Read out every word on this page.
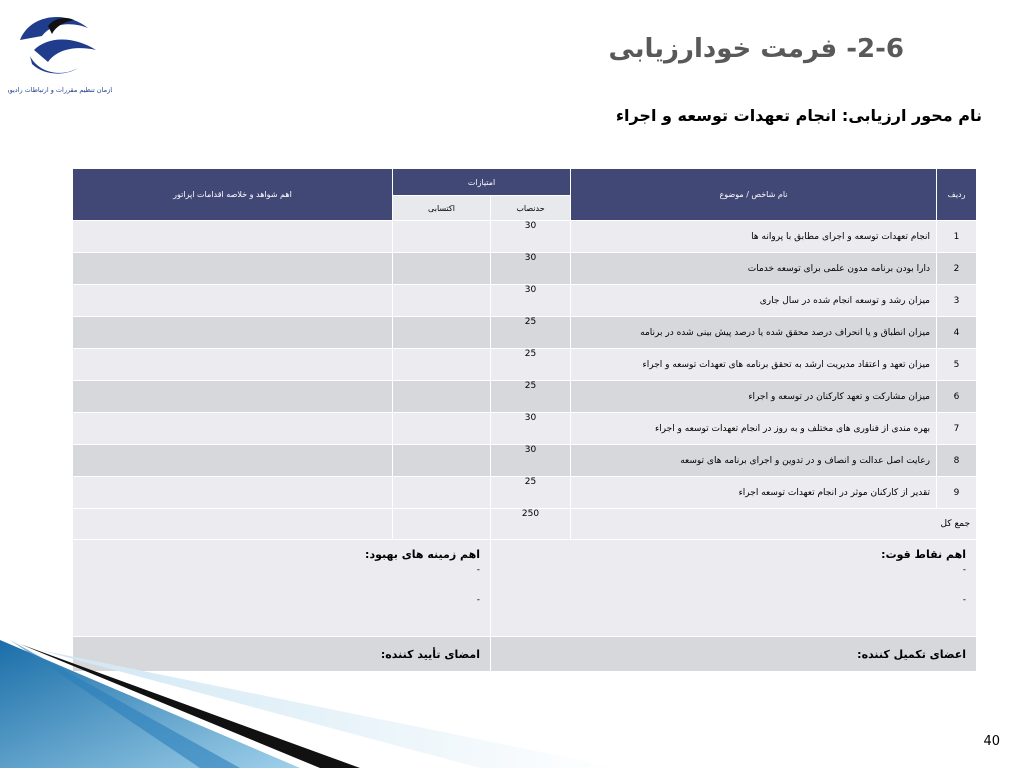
سازمان تنظیم مقررات و ارتباطات رادیویی
2-6- فرمت خودارزیابی
نام محور ارزیابی: انجام تعهدات توسعه و اجراء
ردیف	نام شاخص / موضوع	امتیازات		اهم شواهد و خلاصه اقدامات اپراتور
		حدنصاب	اکتسابی	
1	انجام تعهدات توسعه و اجرای مطابق با پروانه ها	30		
2	دارا بودن برنامه مدون علمی برای توسعه خدمات	30		
3	میزان رشد و توسعه انجام شده در سال جاری	30		
4	میزان انطباق و یا انحراف درصد محقق شده یا درصد پیش بینی شده در برنامه	25		
5	میزان تعهد و اعتقاد مدیریت ارشد به تحقق برنامه های تعهدات توسعه و اجراء	25		
6	میزان مشارکت و تعهد کارکنان در توسعه و اجراء	25		
7	بهره مندی از فناوری های مختلف و به روز در انجام تعهدات توسعه و اجراء	30		
8	رعایت اصل عدالت و انصاف و در تدوین و اجرای برنامه های توسعه	30		
9	تقدیر از کارکنان موثر در انجام تعهدات توسعه اجراء	25		
جمع کل		250		

اهم نقاط قوت:
-
-			اهم زمینه های بهبود:
-
-	

اعضای تکمیل کننده:			امضای تأیید کننده:	
40
